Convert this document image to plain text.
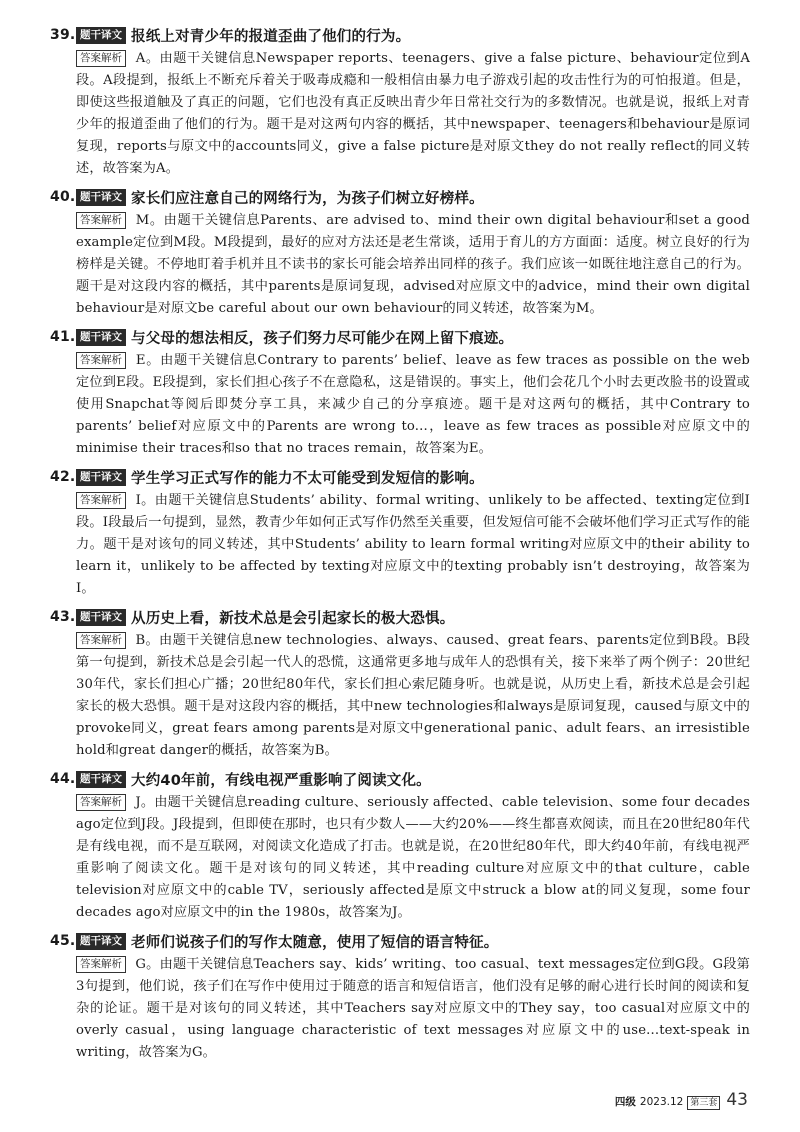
39. 题干译文 报纸上对青少年的报道歪曲了他们的行为。
答案解析 A。由题干关键信息Newspaper reports、teenagers、give a false picture、behaviour定位到A段。A段提到，报纸上不断充斥着关于吸毒成瘾和一般相信由暴力电子游戏引起的攻击性行为的可怕报道。但是，即使这些报道触及了真正的问题，它们也没有真正反映出青少年日常社交行为的多数情况。也就是说，报纸上对青少年的报道歪曲了他们的行为。题干是对这两句内容的概括，其中newspaper、teenagers和behaviour是原词复现，reports与原文中的accounts同义，give a false picture是对原文they do not really reflect的同义转述，故答案为A。
40. 题干译文 家长们应注意自己的网络行为，为孩子们树立好榜样。
答案解析 M。由题干关键信息Parents、are advised to、mind their own digital behaviour和set a good example定位到M段。M段提到，最好的应对方法还是老生常谈，适用于育儿的方方面面：适度。树立良好的行为榜样是关键。不停地盯着手机并且不读书的家长可能会培养出同样的孩子。我们应该一如既往地注意自己的行为。题干是对这段内容的概括，其中parents是原词复现，advised对应原文中的advice，mind their own digital behaviour是对原文be careful about our own behaviour的同义转述，故答案为M。
41. 题干译文 与父母的想法相反，孩子们努力尽可能少在网上留下痕迹。
答案解析 E。由题干关键信息Contrary to parents’ belief、leave as few traces as possible on the web定位到E段。E段提到，家长们担心孩子不在意隐私，这是错误的。事实上，他们会花几个小时去更改脸书的设置或使用Snapchat等阅后即焚分享工具，来减少自己的分享痕迹。题干是对这两句的概括，其中Contrary to parents’ belief对应原文中的Parents are wrong to...，leave as few traces as possible对应原文中的minimise their traces和so that no traces remain，故答案为E。
42. 题干译文 学生学习正式写作的能力不太可能受到发短信的影响。
答案解析 I。由题干关键信息Students’ ability、formal writing、unlikely to be affected、texting定位到I段。I段最后一句提到，显然，教青少年如何正式写作仍然至关重要，但发短信可能不会破坏他们学习正式写作的能力。题干是对该句的同义转述，其中Students’ ability to learn formal writing对应原文中的their ability to learn it，unlikely to be affected by texting对应原文中的texting probably isn’t destroying，故答案为I。
43. 题干译文 从历史上看，新技术总是会引起家长的极大恐惧。
答案解析 B。由题干关键信息new technologies、always、caused、great fears、parents定位到B段。B段第一句提到，新技术总是会引起一代人的恐慌，这通常更多地与成年人的恐惧有关，接下来举了两个例子：20世纪30年代，家长们担心广播；20世纪80年代，家长们担心索尼随身听。也就是说，从历史上看，新技术总是会引起家长的极大恐惧。题干是对这段内容的概括，其中new technologies和always是原词复现，caused与原文中的provoke同义，great fears among parents是对原文中generational panic、adult fears、an irresistible hold和great danger的概括，故答案为B。
44. 题干译文 大约40年前，有线电视严重影响了阅读文化。
答案解析 J。由题干关键信息reading culture、seriously affected、cable television、some four decades ago定位到J段。J段提到，但即使在那时，也只有少数人——大约20%——终生都喜欢阅读，而且在20世纪80年代是有线电视，而不是互联网，对阅读文化造成了打击。也就是说，在20世纪80年代，即大约40年前，有线电视严重影响了阅读文化。题干是对该句的同义转述，其中reading culture对应原文中的that culture，cable television对应原文中的cable TV，seriously affected是原文中struck a blow at的同义复现，some four decades ago对应原文中的in the 1980s，故答案为J。
45. 题干译文 老师们说孩子们的写作太随意，使用了短信的语言特征。
答案解析 G。由题干关键信息Teachers say、kids’ writing、too casual、text messages定位到G段。G段第3句提到，他们说，孩子们在写作中使用过于随意的语言和短信语言，他们没有足够的耐心进行长时间的阅读和复杂的论证。题干是对该句的同义转述，其中Teachers say对应原文中的They say，too casual对应原文中的overly casual，using language characteristic of text messages对应原文中的use...text-speak in writing，故答案为G。
四级 2023.12 第三套 43
